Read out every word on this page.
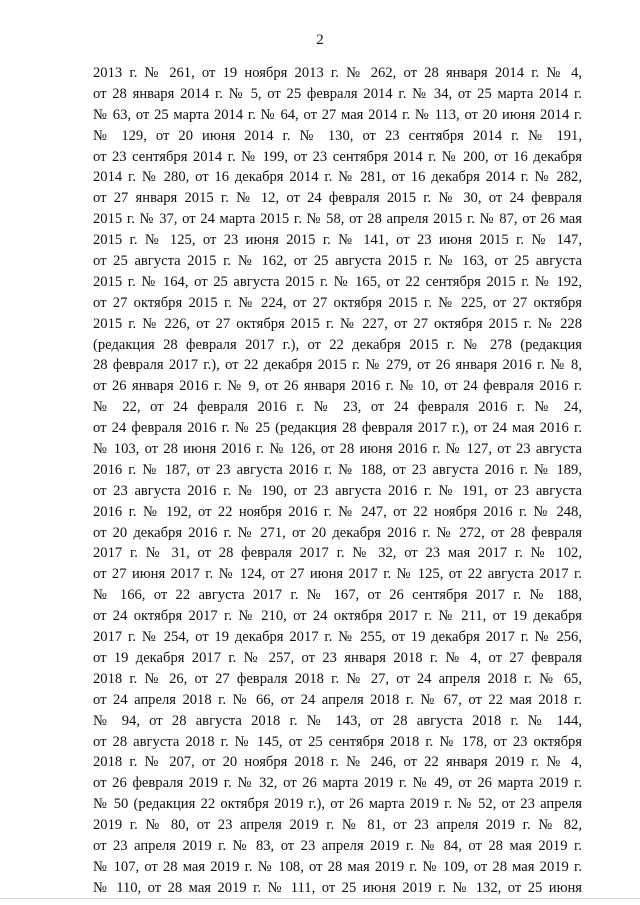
2
2013 г. № 261, от 19 ноября 2013 г. № 262, от 28 января 2014 г. № 4,
от 28 января 2014 г. № 5, от 25 февраля 2014 г. № 34, от 25 марта 2014 г.
№ 63, от 25 марта 2014 г. № 64, от 27 мая 2014 г. № 113, от 20 июня 2014 г.
№ 129, от 20 июня 2014 г. № 130, от 23 сентября 2014 г. № 191,
от 23 сентября 2014 г. № 199, от 23 сентября 2014 г. № 200, от 16 декабря
2014 г. № 280, от 16 декабря 2014 г. № 281, от 16 декабря 2014 г. № 282,
от 27 января 2015 г. № 12, от 24 февраля 2015 г. № 30, от 24 февраля
2015 г. № 37, от 24 марта 2015 г. № 58, от 28 апреля 2015 г. № 87, от 26 мая
2015 г. № 125, от 23 июня 2015 г. № 141, от 23 июня 2015 г. № 147,
от 25 августа 2015 г. № 162, от 25 августа 2015 г. № 163, от 25 августа
2015 г. № 164, от 25 августа 2015 г. № 165, от 22 сентября 2015 г. № 192,
от 27 октября 2015 г. № 224, от 27 октября 2015 г. № 225, от 27 октября
2015 г. № 226, от 27 октября 2015 г. № 227, от 27 октября 2015 г. № 228
(редакция 28 февраля 2017 г.), от 22 декабря 2015 г. № 278 (редакция
28 февраля 2017 г.), от 22 декабря 2015 г. № 279, от 26 января 2016 г. № 8,
от 26 января 2016 г. № 9, от 26 января 2016 г. № 10, от 24 февраля 2016 г.
№ 22, от 24 февраля 2016 г. № 23, от 24 февраля 2016 г. № 24,
от 24 февраля 2016 г. № 25 (редакция 28 февраля 2017 г.), от 24 мая 2016 г.
№ 103, от 28 июня 2016 г. № 126, от 28 июня 2016 г. № 127, от 23 августа
2016 г. № 187, от 23 августа 2016 г. № 188, от 23 августа 2016 г. № 189,
от 23 августа 2016 г. № 190, от 23 августа 2016 г. № 191, от 23 августа
2016 г. № 192, от 22 ноября 2016 г. № 247, от 22 ноября 2016 г. № 248,
от 20 декабря 2016 г. № 271, от 20 декабря 2016 г. № 272, от 28 февраля
2017 г. № 31, от 28 февраля 2017 г. № 32, от 23 мая 2017 г. № 102,
от 27 июня 2017 г. № 124, от 27 июня 2017 г. № 125, от 22 августа 2017 г.
№ 166, от 22 августа 2017 г. № 167, от 26 сентября 2017 г. № 188,
от 24 октября 2017 г. № 210, от 24 октября 2017 г. № 211, от 19 декабря
2017 г. № 254, от 19 декабря 2017 г. № 255, от 19 декабря 2017 г. № 256,
от 19 декабря 2017 г. № 257, от 23 января 2018 г. № 4, от 27 февраля
2018 г. № 26, от 27 февраля 2018 г. № 27, от 24 апреля 2018 г. № 65,
от 24 апреля 2018 г. № 66, от 24 апреля 2018 г. № 67, от 22 мая 2018 г.
№ 94, от 28 августа 2018 г. № 143, от 28 августа 2018 г. № 144,
от 28 августа 2018 г. № 145, от 25 сентября 2018 г. № 178, от 23 октября
2018 г. № 207, от 20 ноября 2018 г. № 246, от 22 января 2019 г. № 4,
от 26 февраля 2019 г. № 32, от 26 марта 2019 г. № 49, от 26 марта 2019 г.
№ 50 (редакция 22 октября 2019 г.), от 26 марта 2019 г. № 52, от 23 апреля
2019 г. № 80, от 23 апреля 2019 г. № 81, от 23 апреля 2019 г. № 82,
от 23 апреля 2019 г. № 83, от 23 апреля 2019 г. № 84, от 28 мая 2019 г.
№ 107, от 28 мая 2019 г. № 108, от 28 мая 2019 г. № 109, от 28 мая 2019 г.
№ 110, от 28 мая 2019 г. № 111, от 25 июня 2019 г. № 132, от 25 июня
